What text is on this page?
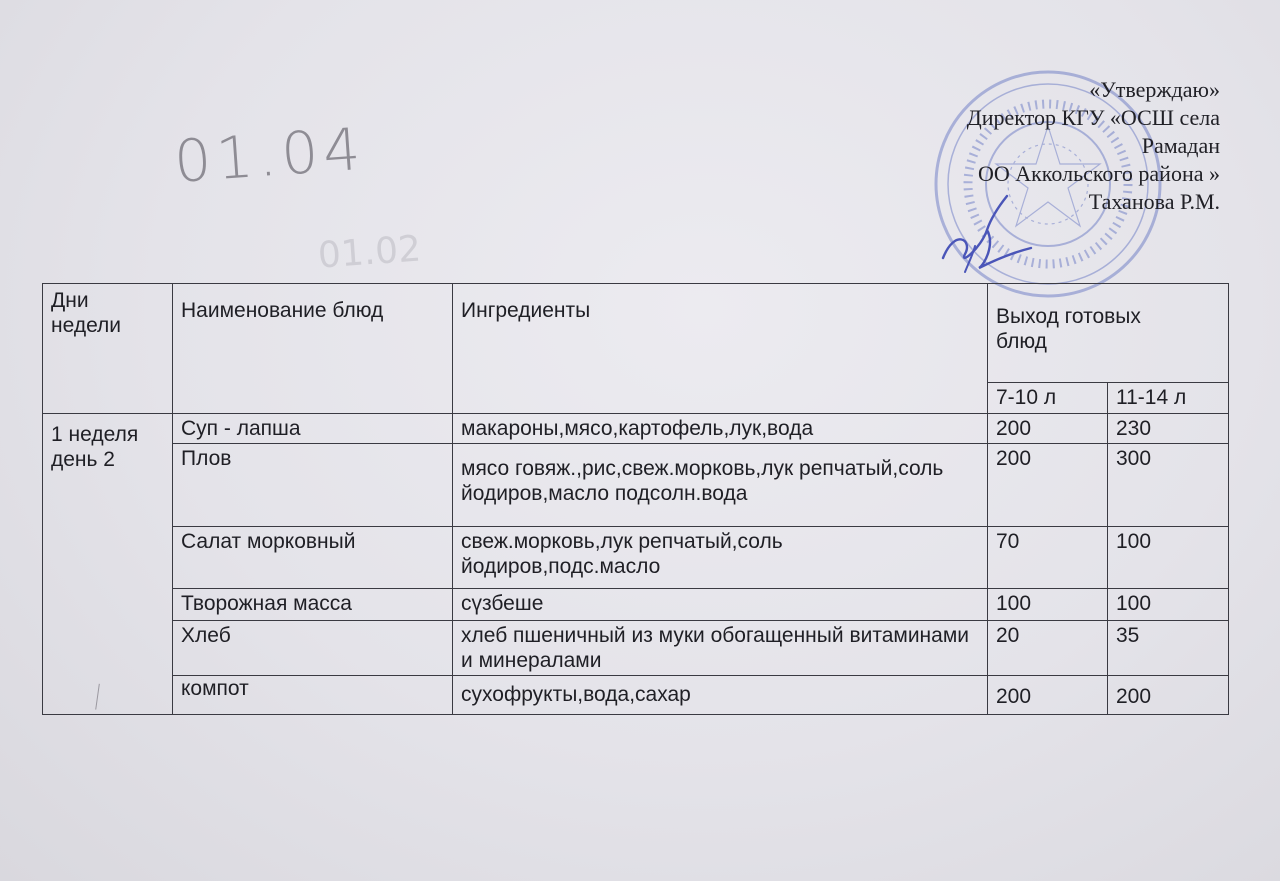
01.04
01.02
«Утверждаю»
Директор КГУ «ОСШ села
Рамадан
ОО Аккольского района »
Таханова Р.М.
Дни недели	Наименование блюд	Ингредиенты	Выход готовых блюд	
			7-10 л	11-14 л
1 неделя день 2	Суп - лапша	макароны,мясо,картофель,лук,вода	200	230
	Плов	мясо говяж.,рис,свеж.морковь,лук репчатый,соль йодиров,масло подсолн.вода	200	300
	Салат морковный	свеж.морковь,лук репчатый,соль йодиров,подс.масло	70	100
	Творожная масса	сүзбеше	100	100
	Хлеб	хлеб пшеничный из муки обогащенный витаминами и минералами	20	35
	компот	сухофрукты,вода,сахар	200	200
